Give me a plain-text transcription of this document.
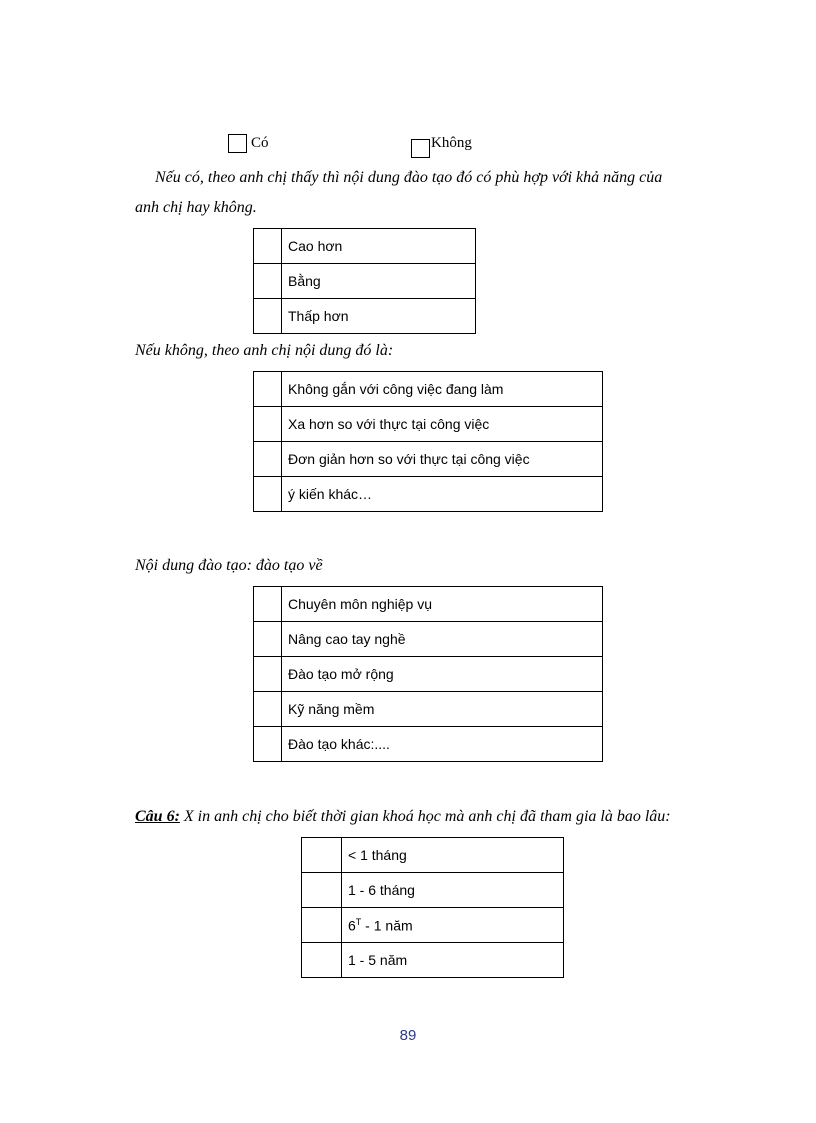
Có	Không
Nếu có, theo anh chị thấy thì nội dung đào tạo đó có phù hợp với khả năng của
anh chị hay không.
	Cao hơn
	Bằng
	Thấp hơn
Nếu không, theo anh chị nội dung đó là:
	Không gắn với công việc đang làm
	Xa hơn so với thực tại công việc
	Đơn giản hơn so với thực tại công việc
	ý kiến khác…
Nội dung đào tạo: đào tạo về
	Chuyên môn nghiệp vụ
	Nâng cao tay nghề
	Đào tạo mở rộng
	Kỹ năng mềm
	Đào tạo khác:....
Câu 6: X in anh chị cho biết thời gian khoá học mà anh chị đã tham gia là bao lâu:
	< 1 tháng
	1 - 6 tháng
	$6^T - 1$ năm
	1 - 5 năm
89
